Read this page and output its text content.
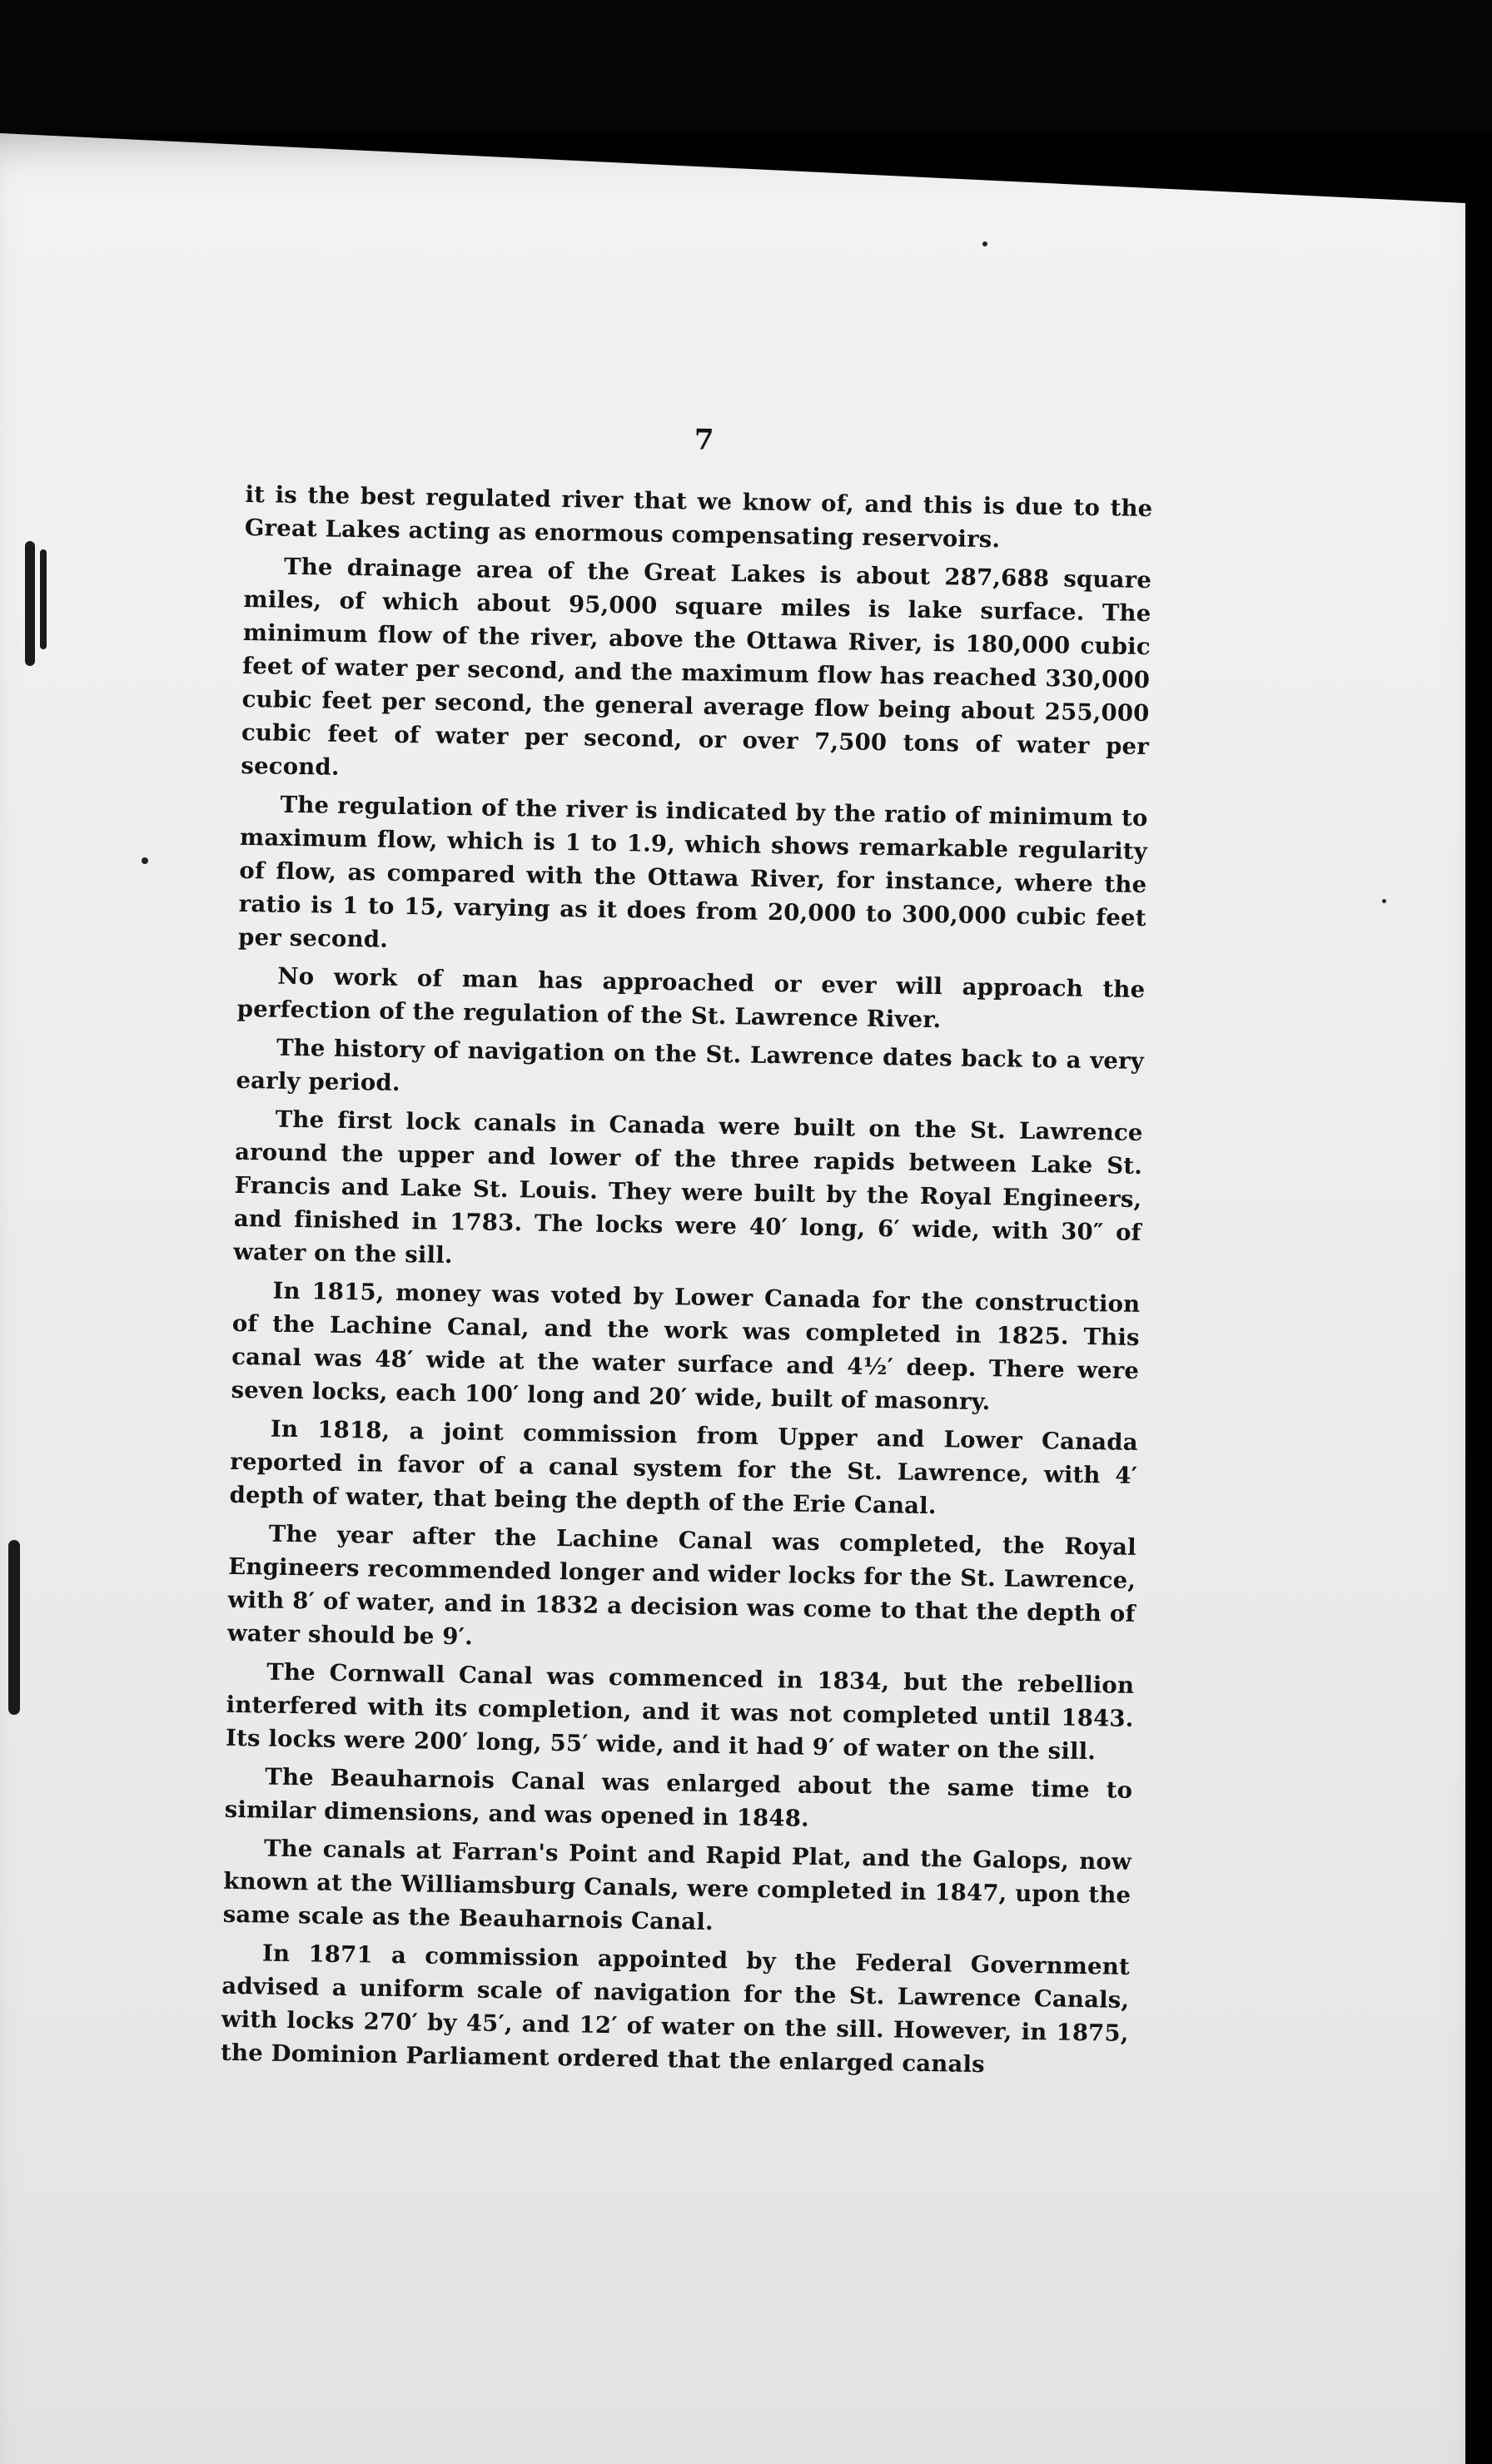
7

it is the best regulated river that we know of, and this is due to the Great Lakes acting as enormous compensating reservoirs.

The drainage area of the Great Lakes is about 287,688 square miles, of which about 95,000 square miles is lake surface. The minimum flow of the river, above the Ottawa River, is 180,000 cubic feet of water per second, and the maximum flow has reached 330,000 cubic feet per second, the general average flow being about 255,000 cubic feet of water per second, or over 7,500 tons of water per second.

The regulation of the river is indicated by the ratio of minimum to maximum flow, which is 1 to 1.9, which shows remarkable regularity of flow, as compared with the Ottawa River, for instance, where the ratio is 1 to 15, varying as it does from 20,000 to 300,000 cubic feet per second.

No work of man has approached or ever will approach the perfection of the regulation of the St. Lawrence River.

The history of navigation on the St. Lawrence dates back to a very early period.

The first lock canals in Canada were built on the St. Lawrence around the upper and lower of the three rapids between Lake St. Francis and Lake St. Louis. They were built by the Royal Engineers, and finished in 1783. The locks were 40′ long, 6′ wide, with 30″ of water on the sill.

In 1815, money was voted by Lower Canada for the construction of the Lachine Canal, and the work was completed in 1825. This canal was 48′ wide at the water surface and 4½′ deep. There were seven locks, each 100′ long and 20′ wide, built of masonry.

In 1818, a joint commission from Upper and Lower Canada reported in favor of a canal system for the St. Lawrence, with 4′ depth of water, that being the depth of the Erie Canal.

The year after the Lachine Canal was completed, the Royal Engineers recommended longer and wider locks for the St. Lawrence, with 8′ of water, and in 1832 a decision was come to that the depth of water should be 9′.

The Cornwall Canal was commenced in 1834, but the rebellion interfered with its completion, and it was not completed until 1843. Its locks were 200′ long, 55′ wide, and it had 9′ of water on the sill.

The Beauharnois Canal was enlarged about the same time to similar dimensions, and was opened in 1848.

The canals at Farran's Point and Rapid Plat, and the Galops, now known at the Williamsburg Canals, were completed in 1847, upon the same scale as the Beauharnois Canal.

In 1871 a commission appointed by the Federal Government advised a uniform scale of navigation for the St. Lawrence Canals, with locks 270′ by 45′, and 12′ of water on the sill. However, in 1875, the Dominion Parliament ordered that the enlarged canals
